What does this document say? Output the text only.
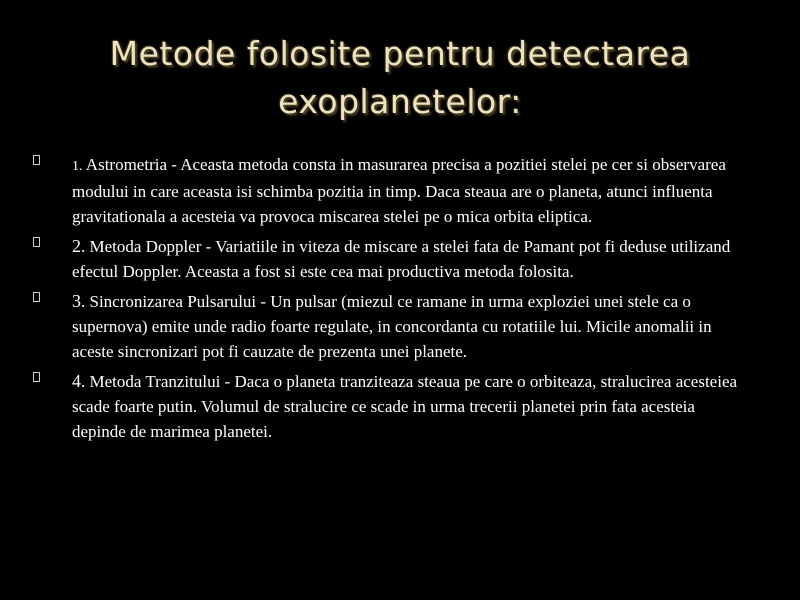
Metode folosite pentru detectarea exoplanetelor:
1. Astrometria - Aceasta metoda consta in masurarea precisa a pozitiei stelei pe cer si observarea modului in care aceasta isi schimba pozitia in timp. Daca steaua are o planeta, atunci influenta gravitationala a acesteia va provoca miscarea stelei pe o mica orbita eliptica.
2. Metoda Doppler - Variatiile in viteza de miscare a stelei fata de Pamant pot fi deduse utilizand efectul Doppler. Aceasta a fost si este cea mai productiva metoda folosita.
3. Sincronizarea Pulsarului - Un pulsar (miezul ce ramane in urma exploziei unei stele ca o supernova) emite unde radio foarte regulate, in concordanta cu rotatiile lui. Micile anomalii in aceste sincronizari pot fi cauzate de prezenta unei planete.
4. Metoda Tranzitului - Daca o planeta tranziteaza steaua pe care o orbiteaza, stralucirea acesteiea scade foarte putin. Volumul de stralucire ce scade in urma trecerii planetei prin fata acesteia depinde de marimea planetei.
